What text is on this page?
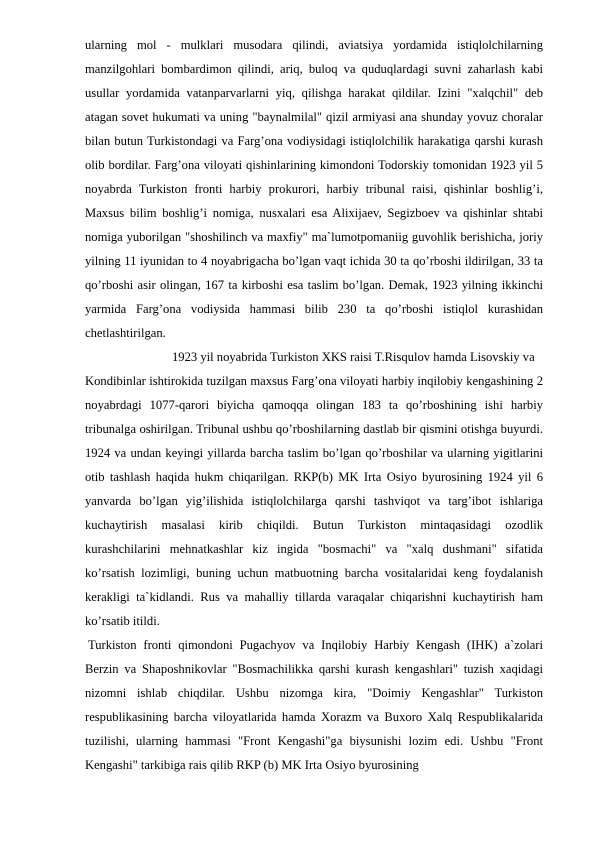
ularning mol - mulklari musodara qilindi, aviatsiya yordamida istiqlolchilarning manzilgohlari bombardimon qilindi, ariq, buloq va quduqlardagi suvni zaharlash kabi usullar yordamida vatanparvarlarni yiq, qilishga harakat qildilar. Izini "xalqchil" deb atagan sovet hukumati va uning "baynalmilal" qizil armiyasi ana shunday yovuz choralar bilan butun Turkistondagi va Farg’ona vodiysidagi istiqlolchilik harakatiga qarshi kurash olib bordilar. Farg’ona viloyati qishinlarining kimondoni Todorskiy tomonidan 1923 yil 5 noyabrda Turkiston fronti harbiy prokurori, harbiy tribunal raisi, qishinlar boshlig’i, Maxsus bilim boshlig’i nomiga, nusxalari esa Alixijaev, Segizboev va qishinlar shtabi nomiga yuborilgan "shoshilinch va maxfiy" ma`lumotpomaniig guvohlik berishicha, joriy yilning 11 iyunidan to 4 noyabrigacha bo’lgan vaqt ichida 30 ta qo’rboshi ildirilgan, 33 ta qo’rboshi asir olingan, 167 ta kirboshi esa taslim bo’lgan. Demak, 1923 yilning ikkinchi yarmida Farg’ona vodiysida hammasi bilib 230 ta qo’rboshi istiqlol kurashidan chetlashtirilgan.

1923 yil noyabrida Turkiston XKS raisi T.Risqulov hamda Lisovskiy va

Kondibinlar ishtirokida tuzilgan maxsus Farg’ona viloyati harbiy inqilobiy kengashining 2 noyabrdagi 1077-qarori biyicha qamoqqa olingan 183 ta qo’rboshining ishi harbiy tribunalga oshirilgan. Tribunal ushbu qo’rboshilarning dastlab bir qismini otishga buyurdi. 1924 va undan keyingi yillarda barcha taslim bo’lgan qo’rboshilar va ularning yigitlarini otib tashlash haqida hukm chiqarilgan. RKP(b) MK Irta Osiyo byurosining 1924 yil 6 yanvarda bo’lgan yig’ilishida istiqlolchilarga qarshi tashviqot va targ’ibot ishlariga kuchaytirish masalasi kirib chiqildi. Butun Turkiston mintaqasidagi ozodlik kurashchilarini mehnatkashlar kiz ingida "bosmachi" va "xalq dushmani" sifatida ko’rsatish lozimligi, buning uchun matbuotning barcha vositalaridai keng foydalanish kerakligi ta`kidlandi. Rus va mahalliy tillarda varaqalar chiqarishni kuchaytirish ham ko’rsatib itildi.

Turkiston fronti qimondoni Pugachyov va Inqilobiy Harbiy Kengash (IHK) a`zolari Berzin va Shaposhnikovlar "Bosmachilikka qarshi kurash kengashlari" tuzish xaqidagi nizomni ishlab chiqdilar. Ushbu nizomga kira, "Doimiy Kengashlar" Turkiston respublikasining barcha viloyatlarida hamda Xorazm va Buxoro Xalq Respublikalarida tuzilishi, ularning hammasi "Front Kengashi"ga biysunishi lozim edi. Ushbu "Front Kengashi" tarkibiga rais qilib RKP (b) MK Irta Osiyo byurosining
